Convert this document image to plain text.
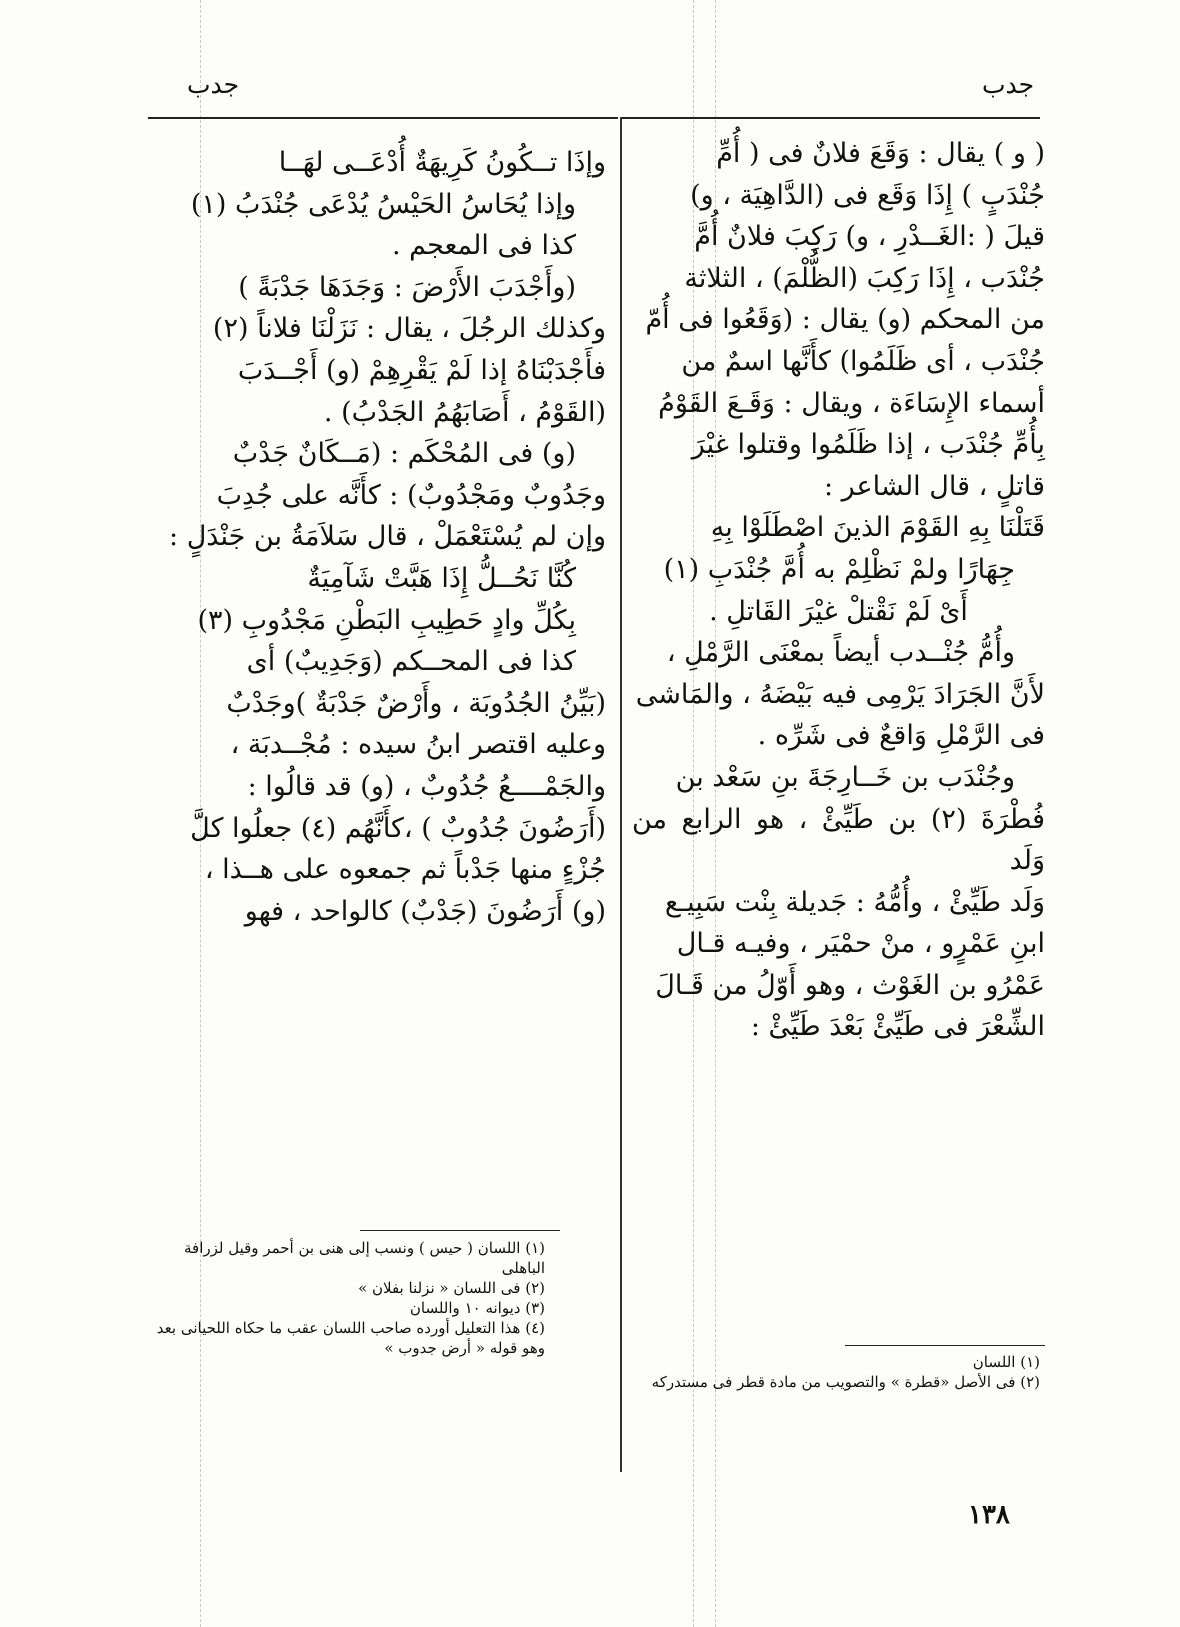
جدب
جدب

( و ) يقال : وَقَعَ فلانٌ فى ( أُمِّ

جُنْدَبٍ ) إِذَا وَقَع فى (الدَّاهِيَة ، و)

قيلَ ( :الغَــدْرِ ، و) رَكِبَ فلانٌ أُمَّ

جُنْدَب ، إِذَا رَكِبَ (الظُّلْمَ) ، الثلاثة

من المحكم (و) يقال : (وَقَعُوا فى أُمّ

جُنْدَب ، أى ظَلَمُوا) كأَنَّها اسمٌ من

أسماء الإِسَاءَة ، ويقال : وَقَـعَ القَوْمُ

بِأُمِّ جُنْدَب ، إذا ظَلَمُوا وقتلوا غيْرَ

قاتلٍ ، قال الشاعر :

قَتَلْنَا بِهِ القَوْمَ الذينَ اصْطَلَوْا بِهِ

جِهَارًا ولمْ نَظْلِمْ به أُمَّ جُنْدَبِ (١)

أَىْ لَمْ نَقْتلْ غيْرَ القَاتلِ .

وأُمُّ جُنْــدب أيضاً بمعْنَى الرَّمْلِ ،

لأَنَّ الجَرَادَ يَرْمِى فيه بَيْضَهُ ، والمَاشى

فى الرَّمْلِ وَاقعٌ فى شَرِّه .

وجُنْدَب بن خَــارِجَةَ بنِ سَعْد بن

فُطْرَةَ (٢) بن طَيِّئْ ، هو الرابع من وَلَد

وَلَد طَيِّئْ ، وأُمُّهُ : جَديلة بِنْت سَبِيـع

ابنِ عَمْرٍو ، منْ حمْيَر ، وفيـه قـال

عَمْرُو بن الغَوْث ، وهو أَوّلُ من قَـالَ

الشِّعْرَ فى طَيِّئْ بَعْدَ طَيِّئْ :

وإذَا تــكُونُ كَرِيهَةٌ أُدْعَــى لهَــا

وإذا يُحَاسُ الحَيْسُ يُدْعَى جُنْدَبُ (١)

كذا فى المعجم .

(وأَجْدَبَ الأَرْضَ : وَجَدَهَا جَدْبَةً )

وكذلك الرجُلَ ، يقال : نَزَلْنَا فلاناً (٢)

فأَجْدَبْنَاهُ إذا لَمْ يَقْرِهِمْ (و) أَجْــدَبَ

(القَوْمُ ، أَصَابَهُمُ الجَدْبُ) .

(و) فى المُحْكَم : (مَــكَانٌ جَدْبٌ

وجَدُوبٌ ومَجْدُوبٌ) : كأَنَّه على جُدِبَ

وإن لم يُسْتَعْمَلْ ، قال سَلاَمَةُ بن جَنْدَلٍ :

كُنَّا نَحُــلُّ إِذَا هَبَّتْ شَآمِيَةٌ

بِكُلِّ وادٍ حَطِيبِ البَطْنِ مَجْدُوبِ (٣)

كذا فى المحــكم (وَجَدِيبٌ) أى

(بَيِّنُ الجُدُوبَة ، وأَرْضٌ جَدْبَةٌ )وجَدْبٌ

وعليه اقتصر ابنُ سيده : مُجْــدبَة ،

والجَمْــــعُ جُدُوبٌ ، (و) قد قالُوا :

(أَرَضُونَ جُدُوبٌ ) ،كأَنَّهُم (٤) جعلُوا كلَّ

جُزْءٍ منها جَدْباً ثم جمعوه على هــذا ،

(و) أَرَضُونَ (جَدْبٌ) كالواحد ، فهو

(١) اللسان
(٢) فى الأصل «قطرة » والتصويب من مادة قطر فى مستدركه
(١) اللسان ( حيس ) ونسب إلى هنى بن أحمر وقيل لزرافة الباهلى
(٢) فى اللسان « نزلنا بفلان »
(٣) ديوانه ١٠ واللسان
(٤) هذا التعليل أورده صاحب اللسان عقب ما حكاه اللحيانى بعد وهو قوله « أرض جدوب »
١٣٨
